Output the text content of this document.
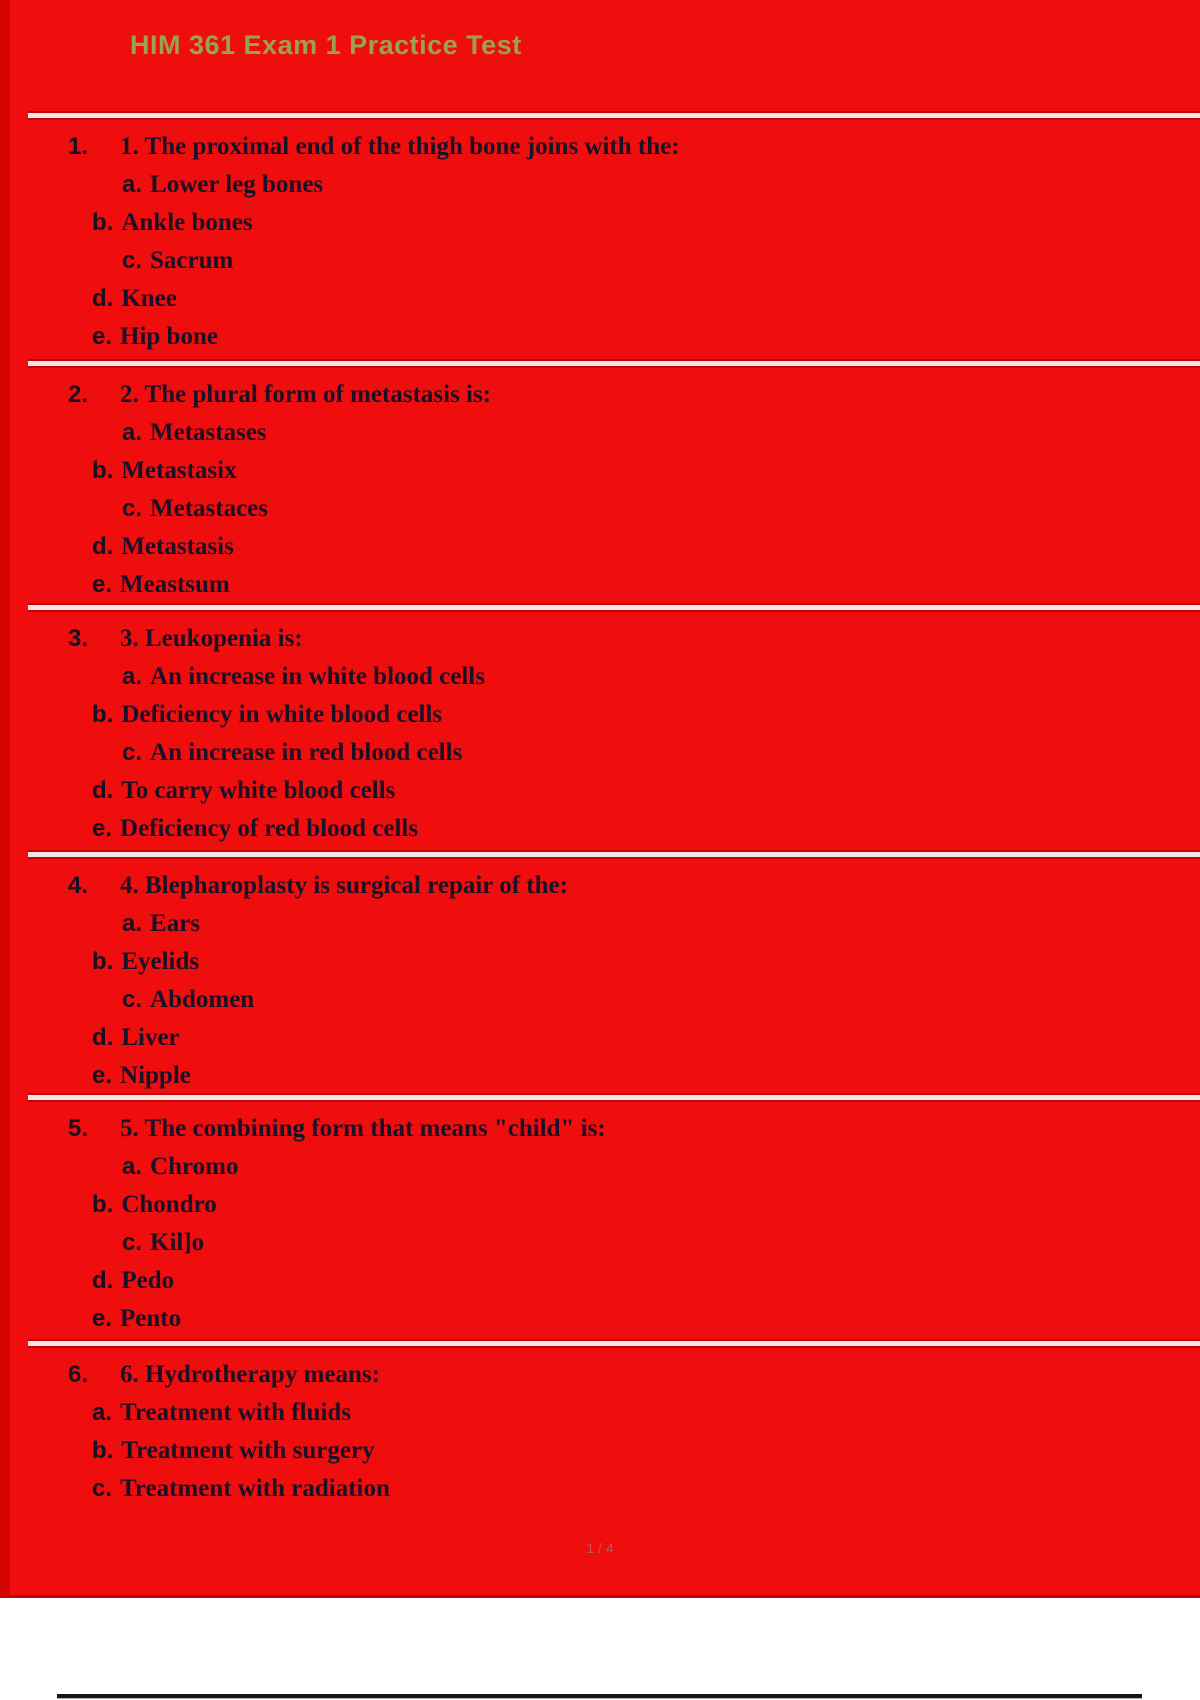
HIM 361 Exam 1 Practice Test
1. 1. The proximal end of the thigh bone joins with the:
a. Lower leg bones
b. Ankle bones
c. Sacrum
d. Knee
e. Hip bone
2. 2. The plural form of metastasis is:
a. Metastases
b. Metastasix
c. Metastaces
d. Metastasis
e. Meastsum
3. 3. Leukopenia is:
a. An increase in white blood cells
b. Deficiency in white blood cells
c. An increase in red blood cells
d. To carry white blood cells
e. Deficiency of red blood cells
4. 4. Blepharoplasty is surgical repair of the:
a. Ears
b. Eyelids
c. Abdomen
d. Liver
e. Nipple
5. 5. The combining form that means "child" is:
a. Chromo
b. Chondro
c. Kil]o
d. Pedo
e. Pento
6. 6. Hydrotherapy means:
a. Treatment with fluids
b. Treatment with surgery
c. Treatment with radiation
1 / 4
